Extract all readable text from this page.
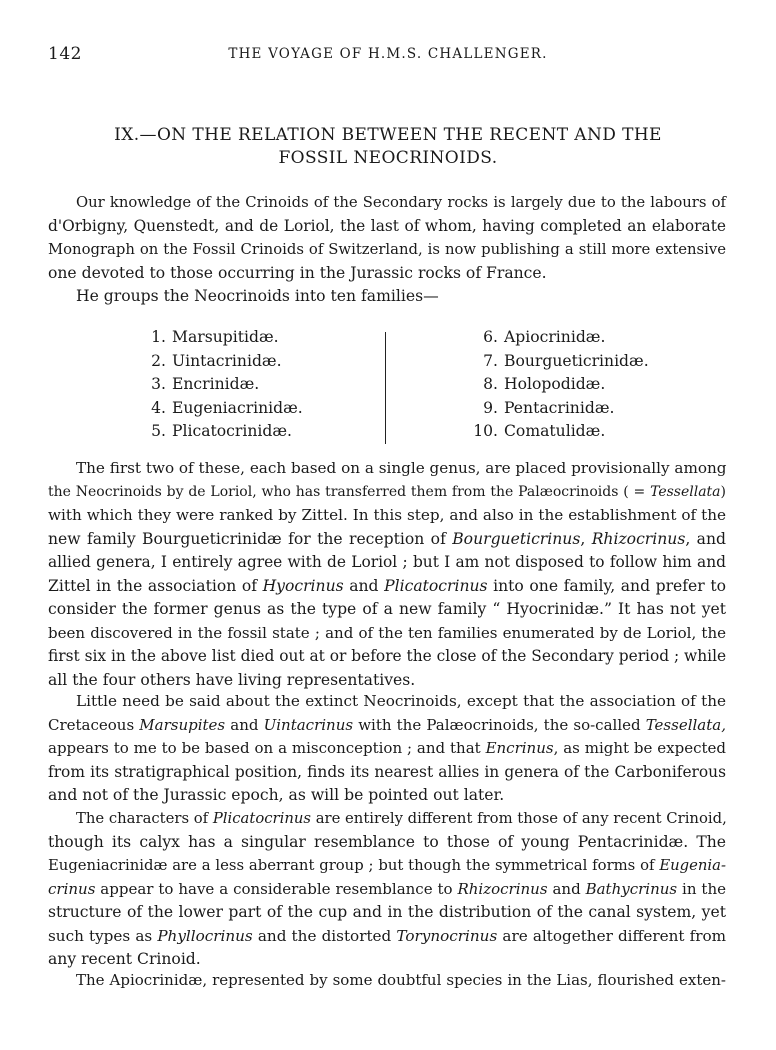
142	THE VOYAGE OF H.M.S. CHALLENGER.
IX.—ON THE RELATION BETWEEN THE RECENT AND THE
FOSSIL NEOCRINOIDS.

Our knowledge of the Crinoids of the Secondary rocks is largely due to the labours of
d'Orbigny, Quenstedt, and de Loriol, the last of whom, having completed an elaborate
Monograph on the Fossil Crinoids of Switzerland, is now publishing a still more extensive
one devoted to those occurring in the Jurassic rocks of France.

He groups the Neocrinoids into ten families—

1. Marsupitidæ.
2. Uintacrinidæ.
3. Encrinidæ.
4. Eugeniacrinidæ.
5. Plicatocrinidæ.
6. Apiocrinidæ.
7. Bourgueticrinidæ.
8. Holopodidæ.
9. Pentacrinidæ.
10. Comatulidæ.

The first two of these, each based on a single genus, are placed provisionally among
the Neocrinoids by de Loriol, who has transferred them from the Palæocrinoids ( = Tessellata)
with which they were ranked by Zittel. In this step, and also in the establishment of the
new family Bourgueticrinidæ for the reception of Bourgueticrinus, Rhizocrinus, and
allied genera, I entirely agree with de Loriol ; but I am not disposed to follow him and
Zittel in the association of Hyocrinus and Plicatocrinus into one family, and prefer to
consider the former genus as the type of a new family “ Hyocrinidæ.” It has not yet
been discovered in the fossil state ; and of the ten families enumerated by de Loriol, the
first six in the above list died out at or before the close of the Secondary period ; while
all the four others have living representatives.

Little need be said about the extinct Neocrinoids, except that the association of the
Cretaceous Marsupites and Uintacrinus with the Palæocrinoids, the so-called Tessellata,
appears to me to be based on a misconception ; and that Encrinus, as might be expected
from its stratigraphical position, finds its nearest allies in genera of the Carboniferous
and not of the Jurassic epoch, as will be pointed out later.

The characters of Plicatocrinus are entirely different from those of any recent Crinoid,
though its calyx has a singular resemblance to those of young Pentacrinidæ. The
Eugeniacrinidæ are a less aberrant group ; but though the symmetrical forms of Eugenia-
crinus appear to have a considerable resemblance to Rhizocrinus and Bathycrinus in the
structure of the lower part of the cup and in the distribution of the canal system, yet
such types as Phyllocrinus and the distorted Torynocrinus are altogether different from
any recent Crinoid.

The Apiocrinidæ, represented by some doubtful species in the Lias, flourished exten-
